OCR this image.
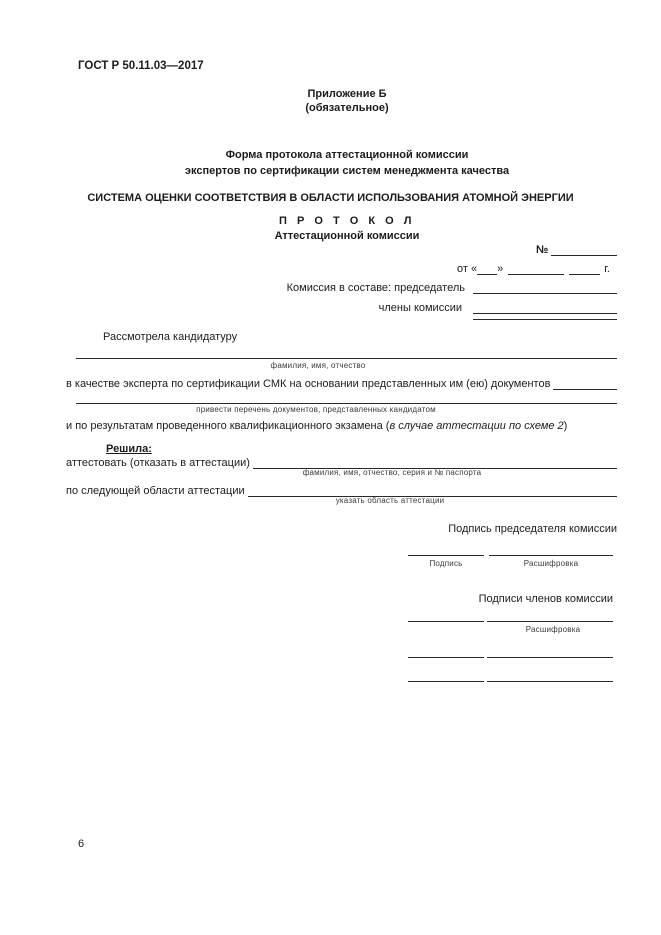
ГОСТ Р 50.11.03—2017
Приложение Б
(обязательное)
Форма протокола аттестационной комиссии
экспертов по сертификации систем менеджмента качества
СИСТЕМА ОЦЕНКИ СООТВЕТСТВИЯ В ОБЛАСТИ ИСПОЛЬЗОВАНИЯ АТОМНОЙ ЭНЕРГИИ
П Р О Т О К О Л
Аттестационной комиссии
№
от « »	г.
Комиссия в составе: председатель
члены комиссии
Рассмотрела кандидатуру
фамилия, имя, отчество
в качестве эксперта по сертификации СМК на основании представленных им (ею) документов
привести перечень документов, представленных кандидатом
и по результатам проведенного квалификационного экзамена (в случае аттестации по схеме 2)
Решила:
аттестовать (отказать в аттестации)
фамилия, имя, отчество, серия и № паспорта
по следующей области аттестации
указать область аттестации
Подпись председателя комиссии
Подпись	Расшифровка
Подписи членов комиссии
Расшифровка
6
